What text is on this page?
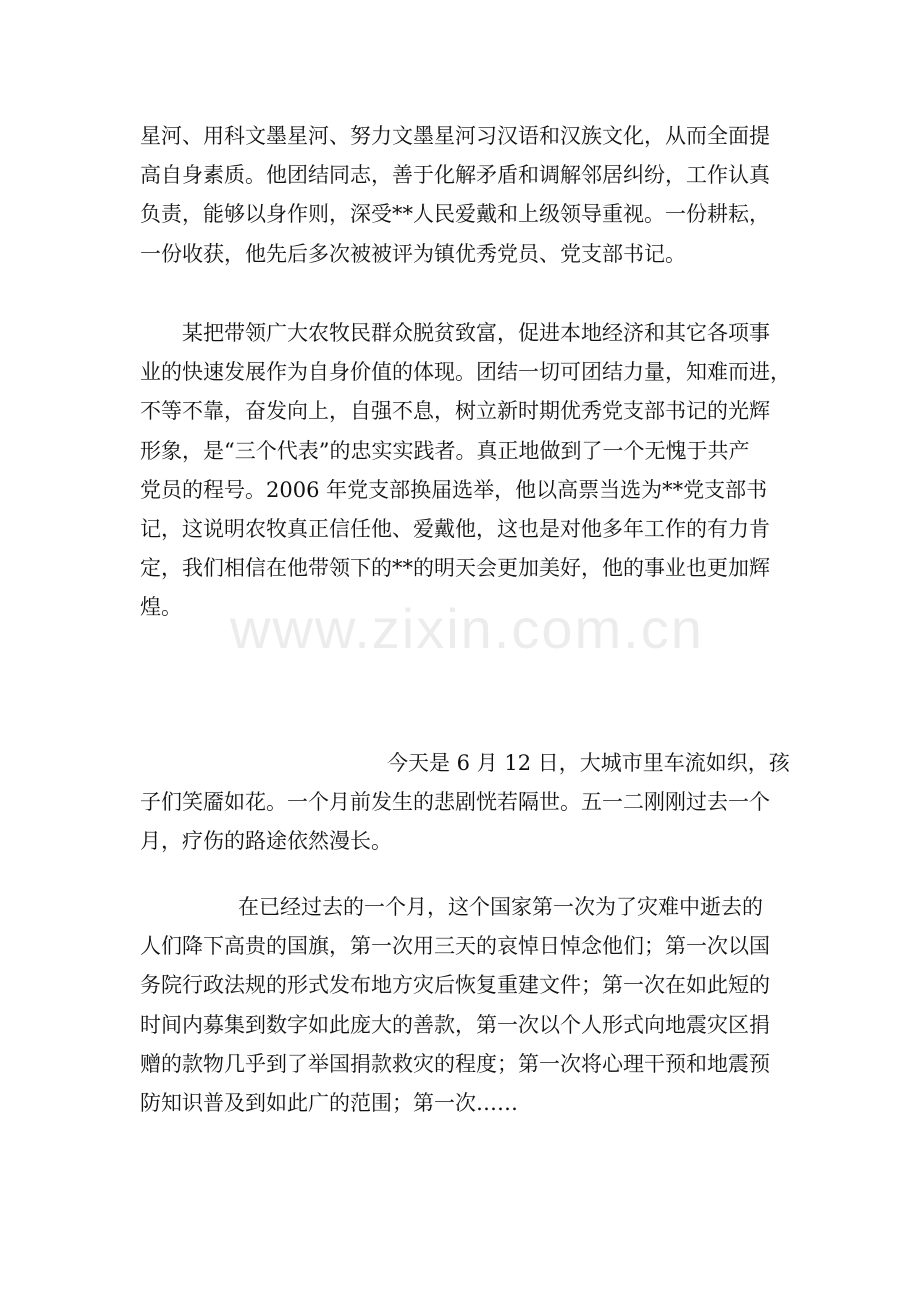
星河、用科文墨星河、努力文墨星河习汉语和汉族文化，从而全面提
高自身素质。他团结同志，善于化解矛盾和调解邻居纠纷，工作认真
负责，能够以身作则，深受**人民爱戴和上级领导重视。一份耕耘，
一份收获，他先后多次被被评为镇优秀党员、党支部书记。
某把带领广大农牧民群众脱贫致富，促进本地经济和其它各项事
业的快速发展作为自身价值的体现。团结一切可团结力量，知难而进，
不等不靠，奋发向上，自强不息，树立新时期优秀党支部书记的光辉
形象，是“三个代表”的忠实实践者。真正地做到了一个无愧于共产
党员的程号。2006 年党支部换届选举，他以高票当选为**党支部书
记，这说明农牧真正信任他、爱戴他，这也是对他多年工作的有力肯
定，我们相信在他带领下的**的明天会更加美好，他的事业也更加辉
煌。
今天是 6 月 12 日，大城市里车流如织，孩
子们笑靥如花。一个月前发生的悲剧恍若隔世。五一二刚刚过去一个
月，疗伤的路途依然漫长。
在已经过去的一个月，这个国家第一次为了灾难中逝去的
人们降下高贵的国旗，第一次用三天的哀悼日悼念他们；第一次以国
务院行政法规的形式发布地方灾后恢复重建文件；第一次在如此短的
时间内募集到数字如此庞大的善款，第一次以个人形式向地震灾区捐
赠的款物几乎到了举国捐款救灾的程度；第一次将心理干预和地震预
防知识普及到如此广的范围；第一次……
www.zixin.com.cn
